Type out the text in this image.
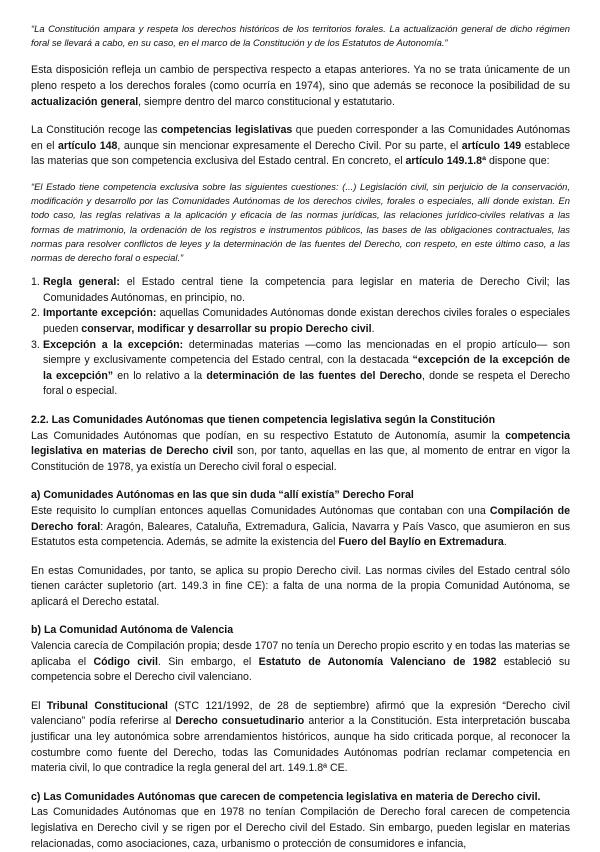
“La Constitución ampara y respeta los derechos históricos de los territorios forales. La actualización general de dicho régimen foral se llevará a cabo, en su caso, en el marco de la Constitución y de los Estatutos de Autonomía.”

Esta disposición refleja un cambio de perspectiva respecto a etapas anteriores. Ya no se trata únicamente de un pleno respeto a los derechos forales (como ocurría en 1974), sino que además se reconoce la posibilidad de su actualización general, siempre dentro del marco constitucional y estatutario.

La Constitución recoge las competencias legislativas que pueden corresponder a las Comunidades Autónomas en el artículo 148, aunque sin mencionar expresamente el Derecho Civil. Por su parte, el artículo 149 establece las materias que son competencia exclusiva del Estado central. En concreto, el artículo 149.1.8ª dispone que:

“El Estado tiene competencia exclusiva sobre las siguientes cuestiones: (...) Legislación civil, sin perjuicio de la conservación, modificación y desarrollo por las Comunidades Autónomas de los derechos civiles, forales o especiales, allí donde existan. En todo caso, las reglas relativas a la aplicación y eficacia de las normas jurídicas, las relaciones jurídico-civiles relativas a las formas de matrimonio, la ordenación de los registros e instrumentos públicos, las bases de las obligaciones contractuales, las normas para resolver conflictos de leyes y la determinación de las fuentes del Derecho, con respeto, en este último caso, a las normas de derecho foral o especial.”

1. Regla general: el Estado central tiene la competencia para legislar en materia de Derecho Civil; las Comunidades Autónomas, en principio, no.
2. Importante excepción: aquellas Comunidades Autónomas donde existan derechos civiles forales o especiales pueden conservar, modificar y desarrollar su propio Derecho civil.
3. Excepción a la excepción: determinadas materias —como las mencionadas en el propio artículo— son siempre y exclusivamente competencia del Estado central, con la destacada “excepción de la excepción de la excepción” en lo relativo a la determinación de las fuentes del Derecho, donde se respeta el Derecho foral o especial.
2.2. Las Comunidades Autónomas que tienen competencia legislativa según la Constitución

Las Comunidades Autónomas que podían, en su respectivo Estatuto de Autonomía, asumir la competencia legislativa en materias de Derecho civil son, por tanto, aquellas en las que, al momento de entrar en vigor la Constitución de 1978, ya existía un Derecho civil foral o especial.

a) Comunidades Autónomas en las que sin duda “allí existía” Derecho Foral

Este requisito lo cumplían entonces aquellas Comunidades Autónomas que contaban con una Compilación de Derecho foral: Aragón, Baleares, Cataluña, Extremadura, Galicia, Navarra y País Vasco, que asumieron en sus Estatutos esta competencia. Además, se admite la existencia del Fuero del Baylío en Extremadura.

En estas Comunidades, por tanto, se aplica su propio Derecho civil. Las normas civiles del Estado central sólo tienen carácter supletorio (art. 149.3 in fine CE): a falta de una norma de la propia Comunidad Autónoma, se aplicará el Derecho estatal.

b) La Comunidad Autónoma de Valencia

Valencia carecía de Compilación propia; desde 1707 no tenía un Derecho propio escrito y en todas las materias se aplicaba el Código civil. Sin embargo, el Estatuto de Autonomía Valenciano de 1982 estableció su competencia sobre el Derecho civil valenciano.

El Tribunal Constitucional (STC 121/1992, de 28 de septiembre) afirmó que la expresión “Derecho civil valenciano” podía referirse al Derecho consuetudinario anterior a la Constitución. Esta interpretación buscaba justificar una ley autonómica sobre arrendamientos históricos, aunque ha sido criticada porque, al reconocer la costumbre como fuente del Derecho, todas las Comunidades Autónomas podrían reclamar competencia en materia civil, lo que contradice la regla general del art. 149.1.8ª CE.

c) Las Comunidades Autónomas que carecen de competencia legislativa en materia de Derecho civil.

Las Comunidades Autónomas que en 1978 no tenían Compilación de Derecho foral carecen de competencia legislativa en Derecho civil y se rigen por el Derecho civil del Estado. Sin embargo, pueden legislar en materias relacionadas, como asociaciones, caza, urbanismo o protección de consumidores e infancia,
